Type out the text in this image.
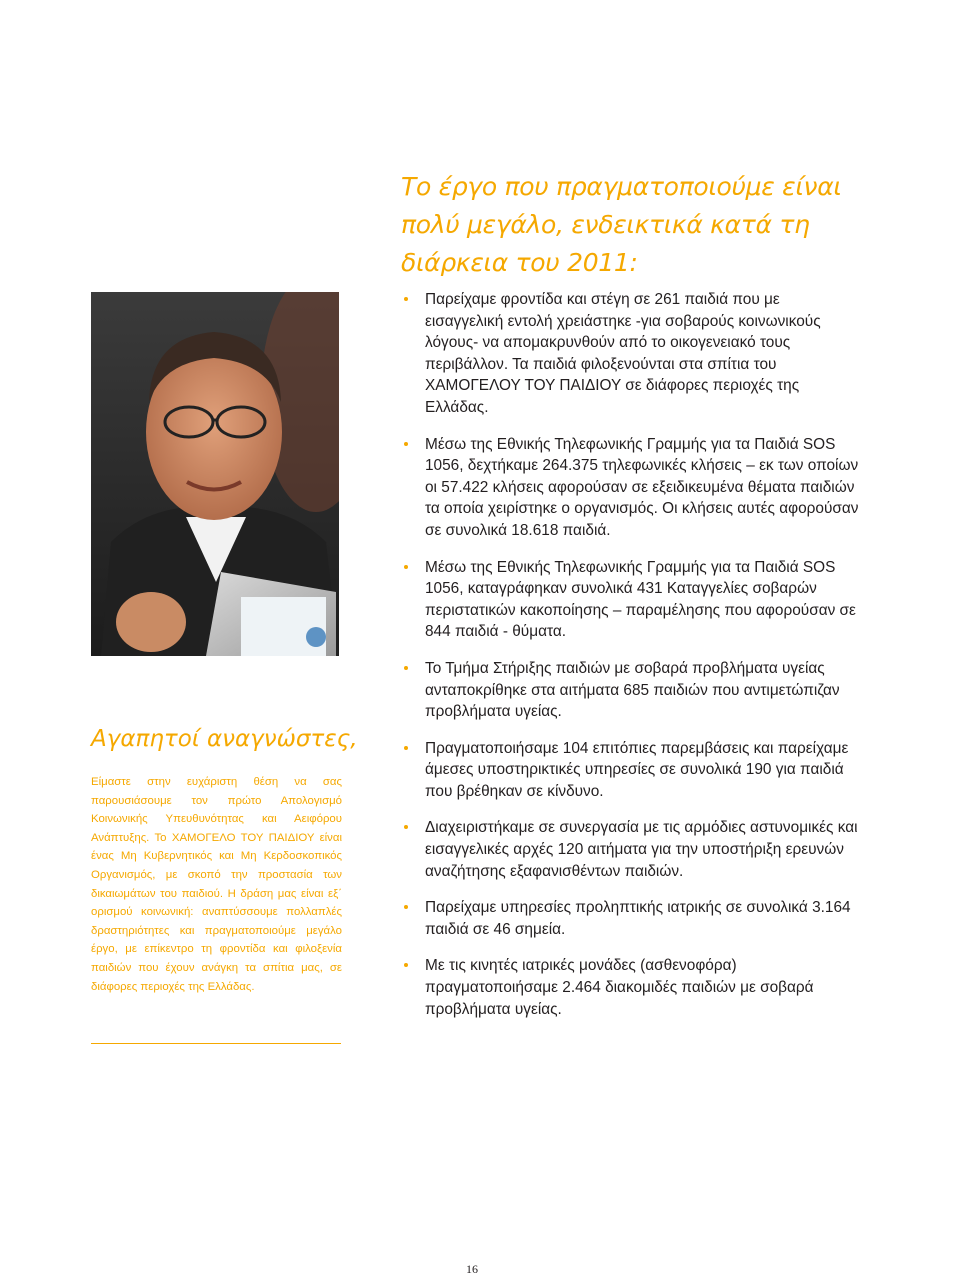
Το έργο που πραγματοποιούμε είναι πολύ μεγάλο, ενδεικτικά κατά τη διάρκεια του 2011:
Αγαπητοί αναγνώστες,

Είμαστε στην ευχάριστη θέση να σας παρουσιάσουμε τον πρώτο Απολογισμό Κοινωνικής Υπευθυνότητας και Αειφόρου Ανάπτυξης. Το ΧΑΜΟΓΕΛΟ ΤΟΥ ΠΑΙΔΙΟΥ είναι ένας Μη Κυβερνητικός και Μη Κερδοσκοπικός Οργανισμός, με σκοπό την προστασία των δικαιωμάτων του παιδιού. Η δράση μας είναι εξ΄ ορισμού κοινωνική: αναπτύσσουμε πολλαπλές δραστηριότητες και πραγματοποιούμε μεγάλο έργο, με επίκεντρο τη φροντίδα και φιλοξενία παιδιών που έχουν ανάγκη τα σπίτια μας, σε διάφορες περιοχές της Ελλάδας.

Παρείχαμε φροντίδα και στέγη σε 261 παιδιά που με εισαγγελική εντολή χρειάστηκε -για σοβαρούς κοινωνικούς λόγους- να απομακρυνθούν από το οικογενειακό τους περιβάλλον. Τα παιδιά φιλοξενούνται στα σπίτια του ΧΑΜΟΓΕΛΟΥ ΤΟΥ ΠΑΙΔΙΟΥ σε διάφορες περιοχές της Ελλάδας.
Μέσω της Εθνικής Τηλεφωνικής Γραμμής για τα Παιδιά SOS 1056, δεχτήκαμε 264.375 τηλεφωνικές κλήσεις – εκ των οποίων οι 57.422 κλήσεις αφορούσαν σε εξειδικευμένα θέματα παιδιών τα οποία χειρίστηκε ο οργανισμός. Οι κλήσεις αυτές αφορούσαν σε συνολικά 18.618 παιδιά.
Μέσω της Εθνικής Τηλεφωνικής Γραμμής για τα Παιδιά SOS 1056, καταγράφηκαν συνολικά 431 Καταγγελίες σοβαρών περιστατικών κακοποίησης – παραμέλησης που αφορούσαν σε 844 παιδιά - θύματα.
Το Τμήμα Στήριξης παιδιών με σοβαρά προβλήματα υγείας ανταποκρίθηκε στα αιτήματα 685 παιδιών που αντιμετώπιζαν προβλήματα υγείας.
Πραγματοποιήσαμε 104 επιτόπιες παρεμβάσεις και παρείχαμε άμεσες υποστηρικτικές υπηρεσίες σε συνολικά 190 για παιδιά που βρέθηκαν σε κίνδυνο.
Διαχειριστήκαμε σε συνεργασία με τις αρμόδιες αστυνομικές και εισαγγελικές αρχές 120 αιτήματα για την υποστήριξη ερευνών αναζήτησης εξαφανισθέντων παιδιών.
Παρείχαμε υπηρεσίες προληπτικής ιατρικής σε συνολικά 3.164 παιδιά σε 46 σημεία.
Με τις κινητές ιατρικές μονάδες (ασθενοφόρα) πραγματοποιήσαμε 2.464 διακομιδές παιδιών με σοβαρά προβλήματα υγείας.
16
